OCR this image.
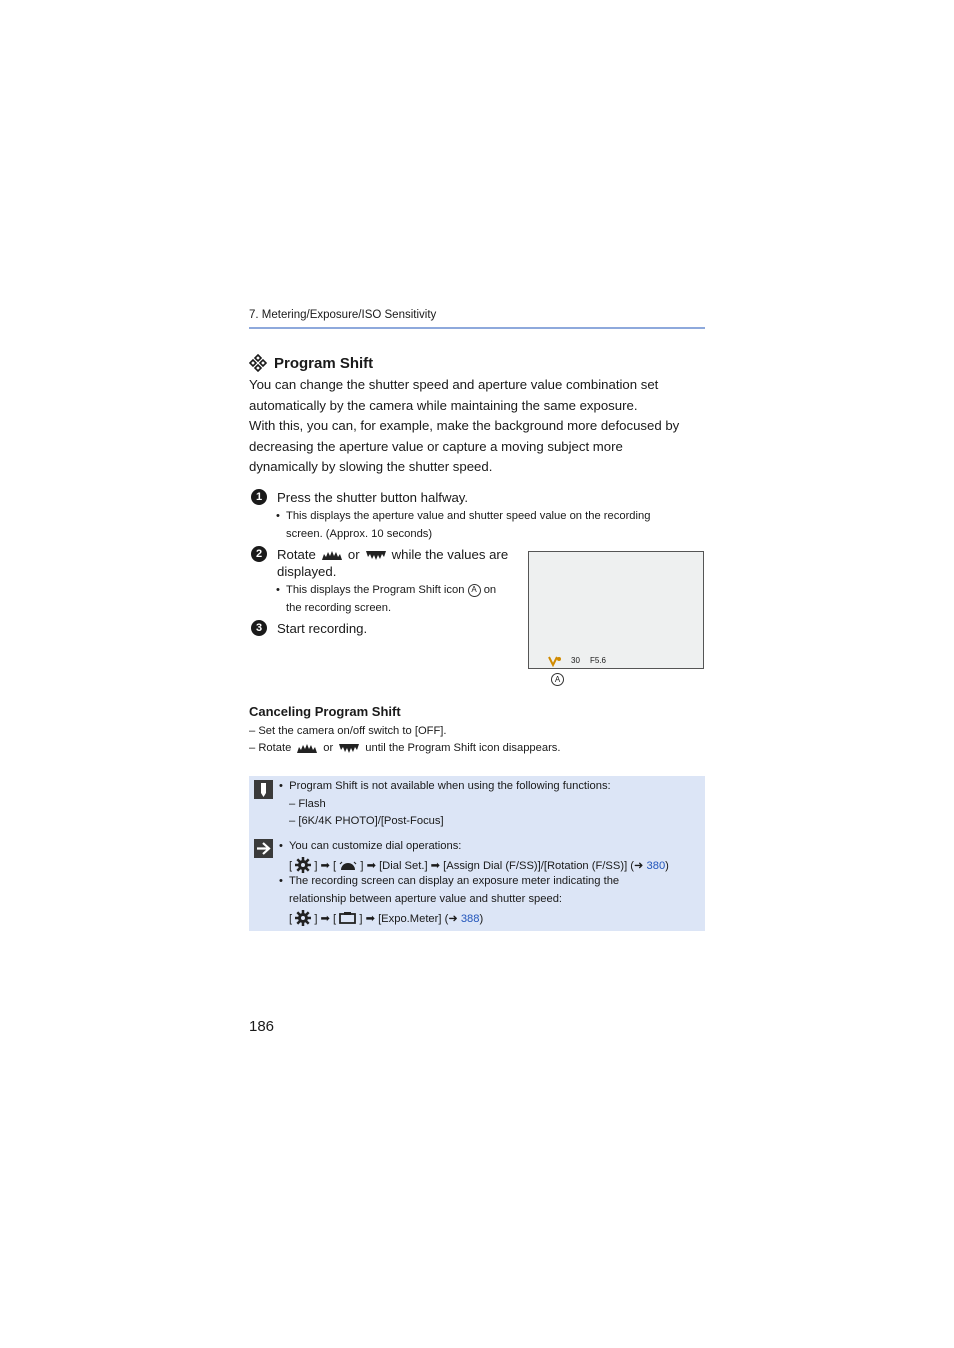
7. Metering/Exposure/ISO Sensitivity
Program Shift

You can change the shutter speed and aperture value combination set

automatically by the camera while maintaining the same exposure.

With this, you can, for example, make the background more defocused by

decreasing the aperture value or capture a moving subject more

dynamically by slowing the shutter speed.

1	Press the shutter button halfway.
• This displays the aperture value and shutter speed value on the recording
screen. (Approx. 10 seconds)
2	Rotate or while the values are
displayed.
• This displays the Program Shift icon A on
the recording screen.
3	Start recording.
30 F5.6
A
Canceling Program Shift
– Set the camera on/off switch to [OFF].
– Rotate	or	until the Program Shift icon disappears.
•  Program Shift is not available when using the following functions:
– Flash
– [6K/4K PHOTO]/[Post-Focus]
•  You can customize dial operations:
[  ] ➡ [  ] ➡ [Dial Set.] ➡ [Assign Dial (F/SS)]/[Rotation (F/SS)] (➜ 380)
•  The recording screen can display an exposure meter indicating the
relationship between aperture value and shutter speed:
[  ] ➡ [  ] ➡ [Expo.Meter] (➜ 388)
186
